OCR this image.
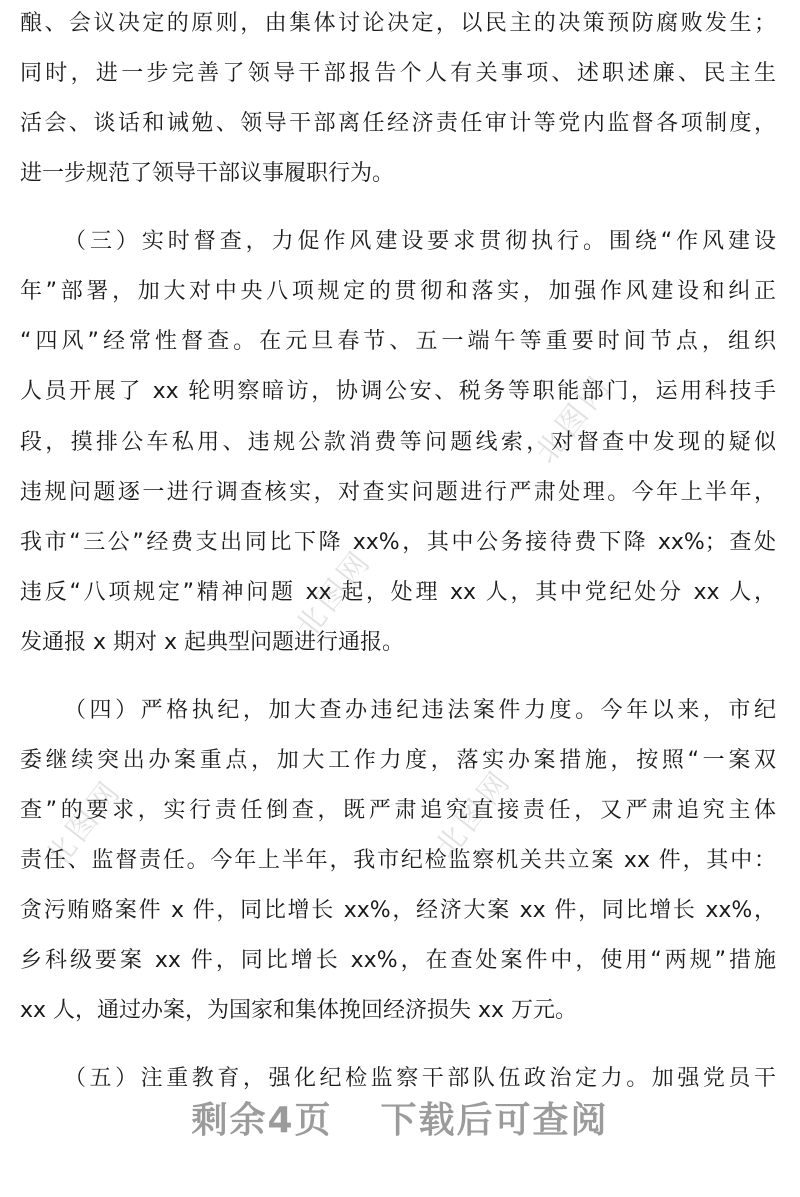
北图网
北图网
北图网	北图网
酿、会议决定的原则，由集体讨论决定，以民主的决策预防腐败发生；
同时，进一步完善了领导干部报告个人有关事项、述职述廉、民主生
活会、谈话和诫勉、领导干部离任经济责任审计等党内监督各项制度，
进一步规范了领导干部议事履职行为。
（三）实时督查，力促作风建设要求贯彻执行。围绕“作风建设
年”部署，加大对中央八项规定的贯彻和落实，加强作风建设和纠正
“四风”经常性督查。在元旦春节、五一端午等重要时间节点，组织
人员开展了 xx 轮明察暗访，协调公安、税务等职能部门，运用科技手
段，摸排公车私用、违规公款消费等问题线索，对督查中发现的疑似
违规问题逐一进行调查核实，对查实问题进行严肃处理。今年上半年，
我市“三公”经费支出同比下降 xx%，其中公务接待费下降 xx%；查处
违反“八项规定”精神问题 xx 起，处理 xx 人，其中党纪处分 xx 人，
发通报 x 期对 x 起典型问题进行通报。
（四）严格执纪，加大查办违纪违法案件力度。今年以来，市纪
委继续突出办案重点，加大工作力度，落实办案措施，按照“一案双
查”的要求，实行责任倒查，既严肃追究直接责任，又严肃追究主体
责任、监督责任。今年上半年，我市纪检监察机关共立案 xx 件，其中：
贪污贿赂案件 x 件，同比增长 xx%，经济大案 xx 件，同比增长 xx%，
乡科级要案 xx 件，同比增长 xx%，在查处案件中，使用“两规”措施
xx 人，通过办案，为国家和集体挽回经济损失 xx 万元。
（五）注重教育，强化纪检监察干部队伍政治定力。加强党员干
剩余4页 下载后可查阅
